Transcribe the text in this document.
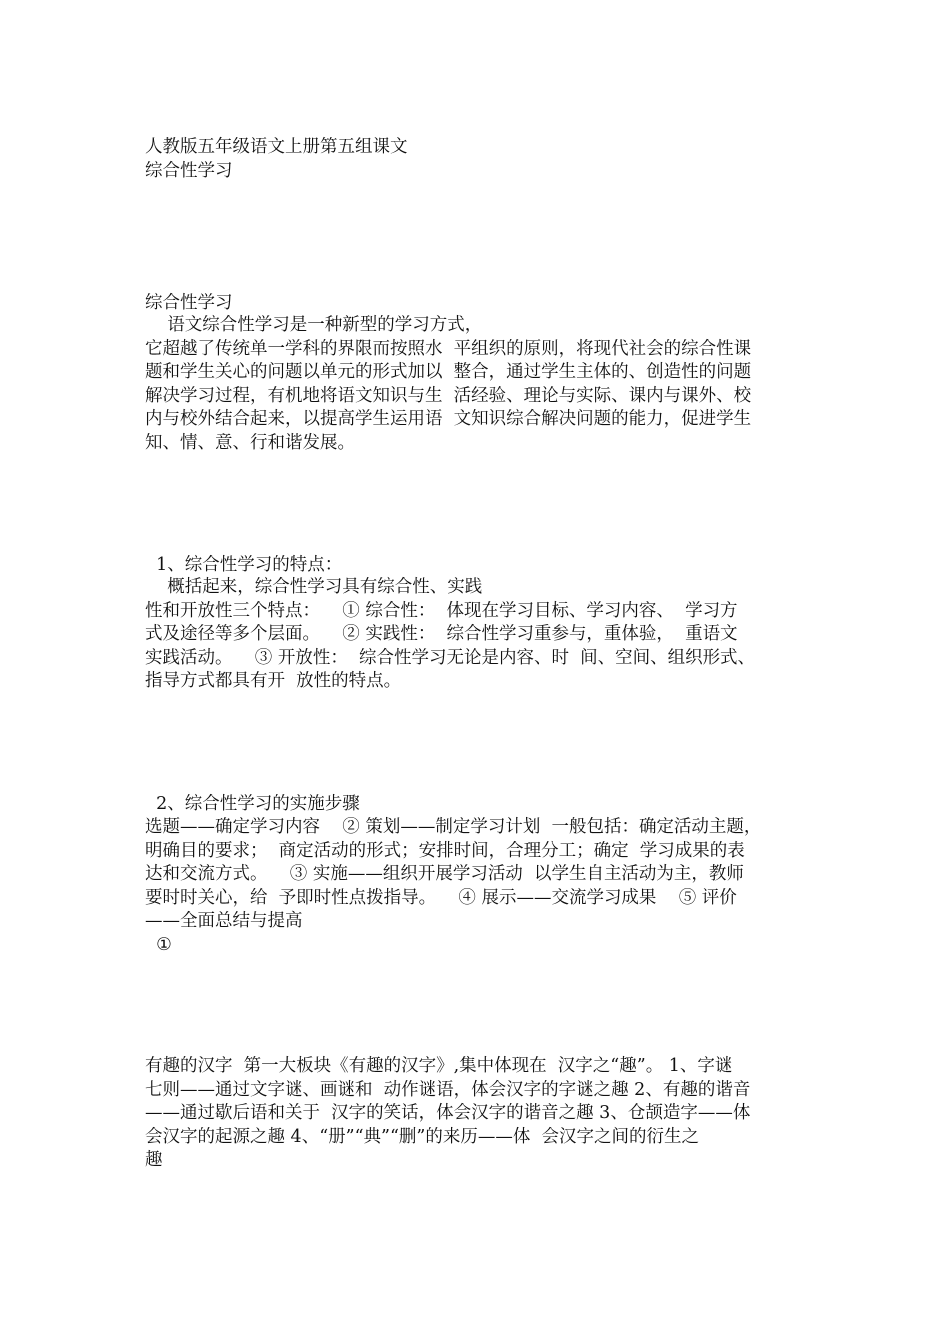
人教版五年级语文上册第五组课文
综合性学习
综合性学习
语文综合性学习是一种新型的学习方式，
它超越了传统单一学科的界限而按照水  平组织的原则，将现代社会的综合性课
题和学生关心的问题以单元的形式加以  整合，通过学生主体的、创造性的问题
解决学习过程，有机地将语文知识与生  活经验、理论与实际、课内与课外、校
内与校外结合起来，以提高学生运用语  文知识综合解决问题的能力，促进学生
知、情、意、行和谐发展。
1、综合性学习的特点：
概括起来，综合性学习具有综合性、实践
性和开放性三个特点：    ① 综合性：  体现在学习目标、学习内容、  学习方
式及途径等多个层面。    ② 实践性：  综合性学习重参与，重体验，  重语文
实践活动。    ③ 开放性：  综合性学习无论是内容、时  间、空间、组织形式、
指导方式都具有开  放性的特点。
2、综合性学习的实施步骤
选题——确定学习内容    ② 策划——制定学习计划  一般包括：确定活动主题，
明确目的要求；  商定活动的形式；安排时间，合理分工；确定  学习成果的表
达和交流方式。    ③ 实施——组织开展学习活动  以学生自主活动为主，教师
要时时关心，给  予即时性点拨指导。    ④ 展示——交流学习成果    ⑤ 评价
——全面总结与提高
①
有趣的汉字  第一大板块《有趣的汉字》,集中体现在  汉字之“趣”。 1、字谜
七则——通过文字谜、画谜和  动作谜语，体会汉字的字谜之趣 2、有趣的谐音
——通过歇后语和关于  汉字的笑话，体会汉字的谐音之趣 3、仓颉造字——体
会汉字的起源之趣 4、“册”“典”“删”的来历——体  会汉字之间的衍生之
趣
